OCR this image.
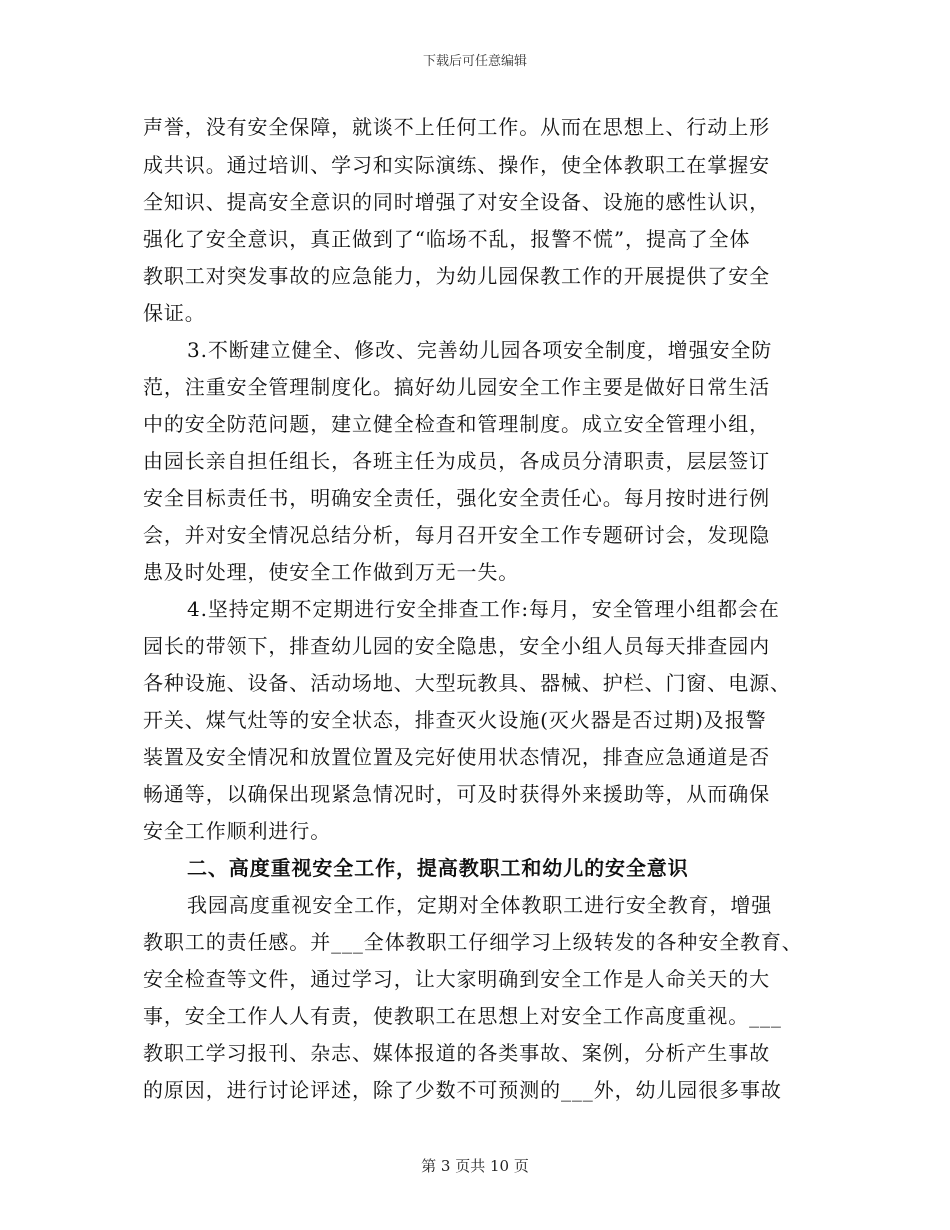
下载后可任意编辑
声誉，没有安全保障，就谈不上任何工作。从而在思想上、行动上形
成共识。通过培训、学习和实际演练、操作，使全体教职工在掌握安
全知识、提高安全意识的同时增强了对安全设备、设施的感性认识，
强化了安全意识，真正做到了“临场不乱，报警不慌”，提高了全体
教职工对突发事故的应急能力，为幼儿园保教工作的开展提供了安全
保证。
3.不断建立健全、修改、完善幼儿园各项安全制度，增强安全防
范，注重安全管理制度化。搞好幼儿园安全工作主要是做好日常生活
中的安全防范问题，建立健全检查和管理制度。成立安全管理小组，
由园长亲自担任组长，各班主任为成员，各成员分清职责，层层签订
安全目标责任书，明确安全责任，强化安全责任心。每月按时进行例
会，并对安全情况总结分析，每月召开安全工作专题研讨会，发现隐
患及时处理，使安全工作做到万无一失。
4.坚持定期不定期进行安全排查工作:每月，安全管理小组都会在
园长的带领下，排查幼儿园的安全隐患，安全小组人员每天排查园内
各种设施、设备、活动场地、大型玩教具、器械、护栏、门窗、电源、
开关、煤气灶等的安全状态，排查灭火设施(灭火器是否过期)及报警
装置及安全情况和放置位置及完好使用状态情况，排查应急通道是否
畅通等，以确保出现紧急情况时，可及时获得外来援助等，从而确保
安全工作顺利进行。
二、高度重视安全工作，提高教职工和幼儿的安全意识
我园高度重视安全工作，定期对全体教职工进行安全教育，增强
教职工的责任感。并___全体教职工仔细学习上级转发的各种安全教育、
安全检查等文件，通过学习，让大家明确到安全工作是人命关天的大
事，安全工作人人有责，使教职工在思想上对安全工作高度重视。___
教职工学习报刊、杂志、媒体报道的各类事故、案例，分析产生事故
的原因，进行讨论评述，除了少数不可预测的___外，幼儿园很多事故
第 3 页共 10 页
